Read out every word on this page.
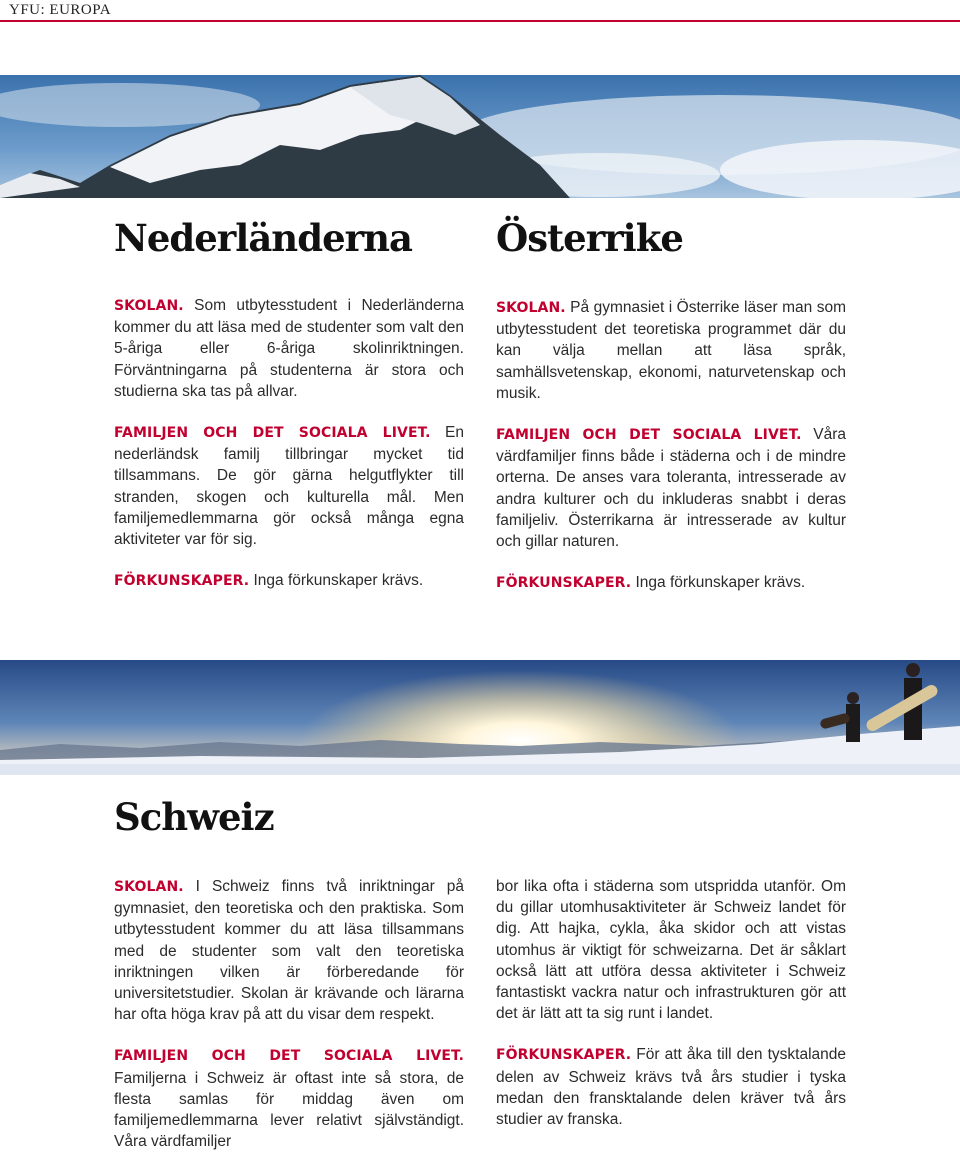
YFU: EUROPA
Nederländerna

SKOLAN. Som utbytesstudent i Nederländerna kommer du att läsa med de studenter som valt den 5-åriga eller 6-åriga skolinriktningen. Förväntningarna på studenterna är stora och studierna ska tas på allvar.

FAMILJEN OCH DET SOCIALA LIVET. En nederländsk familj tillbringar mycket tid tillsammans. De gör gärna helgutflykter till stranden, skogen och kulturella mål. Men familjemedlemmarna gör också många egna aktiviteter var för sig.

FÖRKUNSKAPER. Inga förkunskaper krävs.

Österrike

SKOLAN. På gymnasiet i Österrike läser man som utbytesstudent det teoretiska programmet där du kan välja mellan att läsa språk, samhällsvetenskap, ekonomi, naturvetenskap och musik.

FAMILJEN OCH DET SOCIALA LIVET. Våra värdfamiljer finns både i städerna och i de mindre orterna. De anses vara toleranta, intresserade av andra kulturer och du inkluderas snabbt i deras familjeliv. Österrikarna är intresserade av kultur och gillar naturen.

FÖRKUNSKAPER. Inga förkunskaper krävs.

Schweiz

SKOLAN. I Schweiz finns två inriktningar på gymnasiet, den teoretiska och den praktiska. Som utbytesstudent kommer du att läsa tillsammans med de studenter som valt den teoretiska inriktningen vilken är förberedande för universitetstudier. Skolan är krävande och lärarna har ofta höga krav på att du visar dem respekt.

FAMILJEN OCH DET SOCIALA LIVET. Familjerna i Schweiz är oftast inte så stora, de flesta samlas för middag även om familjemedlemmarna lever relativt självständigt. Våra värdfamiljer

bor lika ofta i städerna som utspridda utanför. Om du gillar utomhusaktiviteter är Schweiz landet för dig. Att hajka, cykla, åka skidor och att vistas utomhus är viktigt för schweizarna. Det är såklart också lätt att utföra dessa aktiviteter i Schweiz fantastiskt vackra natur och infrastrukturen gör att det är lätt att ta sig runt i landet.

FÖRKUNSKAPER. För att åka till den tysktalande delen av Schweiz krävs två års studier i tyska medan den fransktalande delen kräver två års studier av franska.
